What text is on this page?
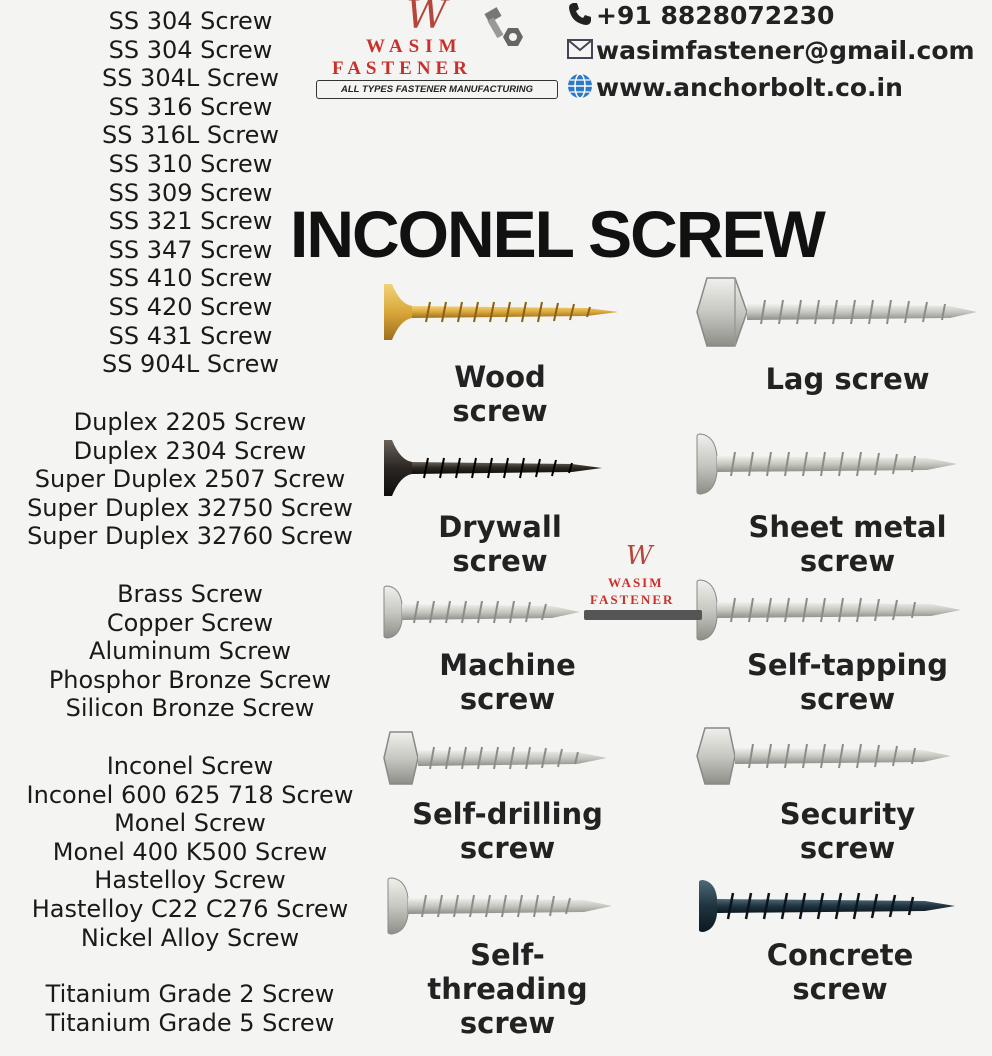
SS 304 Screw
SS 304 Screw
SS 304L Screw
SS 316 Screw
SS 316L Screw
SS 310 Screw
SS 309 Screw
SS 321 Screw
SS 347 Screw
SS 410 Screw
SS 420 Screw
SS 431 Screw
SS 904L Screw
Duplex 2205 Screw
Duplex 2304 Screw
Super Duplex 2507 Screw
Super Duplex 32750 Screw
Super Duplex 32760 Screw
Brass Screw
Copper Screw
Aluminum Screw
Phosphor Bronze Screw
Silicon Bronze Screw
Inconel Screw
Inconel 600 625 718 Screw
Monel Screw
Monel 400 K500 Screw
Hastelloy Screw
Hastelloy C22 C276 Screw
Nickel Alloy Screw
Titanium Grade 2 Screw
Titanium Grade 5 Screw
W
WASIM
FASTENER
ALL TYPES FASTENER MANUFACTURING
+91 8828072230
wasimfastener@gmail.com
www.anchorbolt.co.in
INCONEL SCREW
W
WASIM
FASTENER
Wood
screw
Lag screw
Drywall
screw
Sheet metal
screw
Machine
screw
Self-tapping
screw
Self-drilling
screw
Security
screw
Self-
threading
screw
Concrete
screw
